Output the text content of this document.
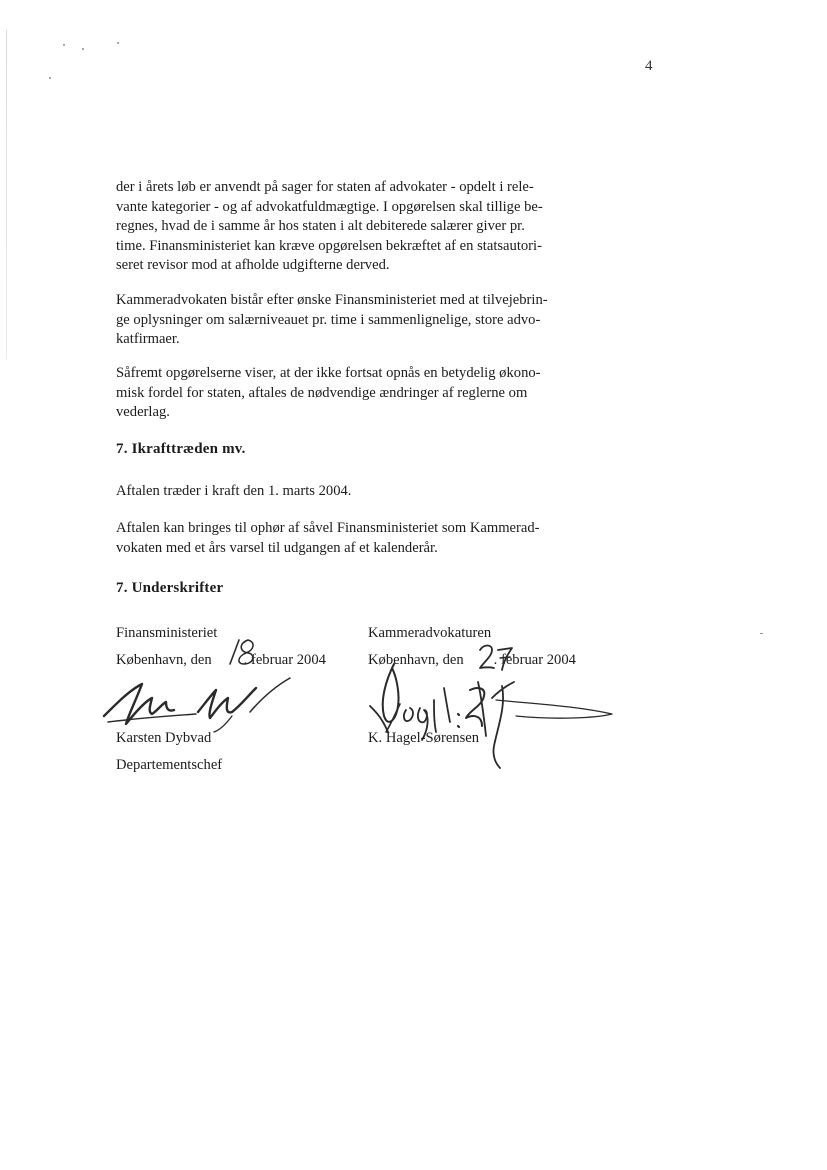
4
der i årets løb er anvendt på sager for staten af advokater - opdelt i rele-
vante kategorier - og af advokatfuldmægtige. I opgørelsen skal tillige be-
regnes, hvad de i samme år hos staten i alt debiterede salærer giver pr.
time. Finansministeriet kan kræve opgørelsen bekræftet af en statsautori-
seret revisor mod at afholde udgifterne derved.
Kammeradvokaten bistår efter ønske Finansministeriet med at tilvejebrin-
ge oplysninger om salærniveauet pr. time i sammenlignelige, store advo-
katfirmaer.
Såfremt opgørelserne viser, at der ikke fortsat opnås en betydelig økono-
misk fordel for staten, aftales de nødvendige ændringer af reglerne om
vederlag.
7. Ikrafttræden mv.
Aftalen træder i kraft den 1. marts 2004.
Aftalen kan bringes til ophør af såvel Finansministeriet som Kammerad-
vokaten med et års varsel til udgangen af et kalenderår.
7. Underskrifter
Finansministeriet
København, den . februar 2004
Karsten Dybvad
Departementschef
Kammeradvokaturen
København, den . februar 2004
K. Hagel-Sørensen
